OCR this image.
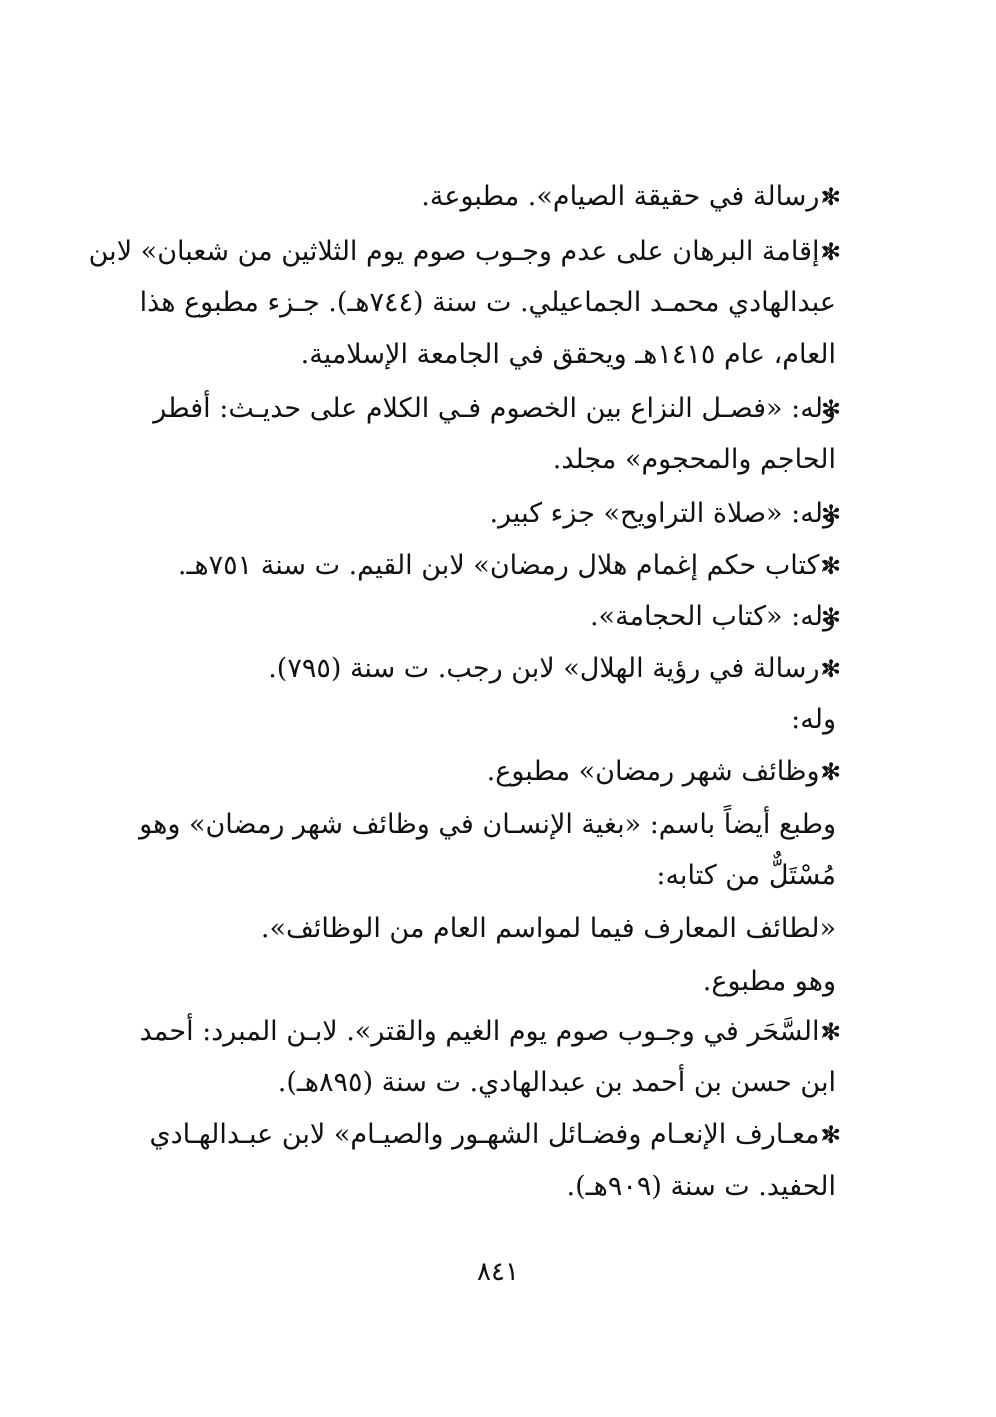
✻
«رسالة في حقيقة الصيام». مطبوعة.
✻
«إقامة البرهان على عدم وجـوب صوم يوم الثلاثين من شعبان» لابن
عبدالهادي محمـد الجماعيلي. ت سنة (٧٤٤هـ). جـزء مطبوع هذا
العام، عام ١٤١٥هـ ويحقق في الجامعة الإسلامية.
✻
وله: «فصـل النزاع بين الخصوم فـي الكلام على حديـث: أفطر
الحاجم والمحجوم» مجلد.
✻
وله: «صلاة التراويح» جزء كبير.
✻
«كتاب حكم إغمام هلال رمضان» لابن القيم. ت سنة ٧٥١هـ.
✻
وله: «كتاب الحجامة».
✻
«رسالة في رؤية الهلال» لابن رجب. ت سنة (٧٩٥).
وله:
✻
«وظائف شهر رمضان» مطبوع.
وطبع أيضاً باسم: «بغية الإنسـان في وظائف شهر رمضان» وهو
مُسْتَلٌّ من كتابه:
«لطائف المعارف فيما لمواسم العام من الوظائف».
وهو مطبوع.
✻
«السَّحَر في وجـوب صوم يوم الغيم والقتر». لابـن المبرد: أحمد
ابن حسن بن أحمد بن عبدالهادي. ت سنة (٨٩٥هـ).
✻
«معـارف الإنعـام وفضـائل الشهـور والصيـام» لابن عبـدالهـادي
الحفيد. ت سنة (٩٠٩هـ).
٨٤١
